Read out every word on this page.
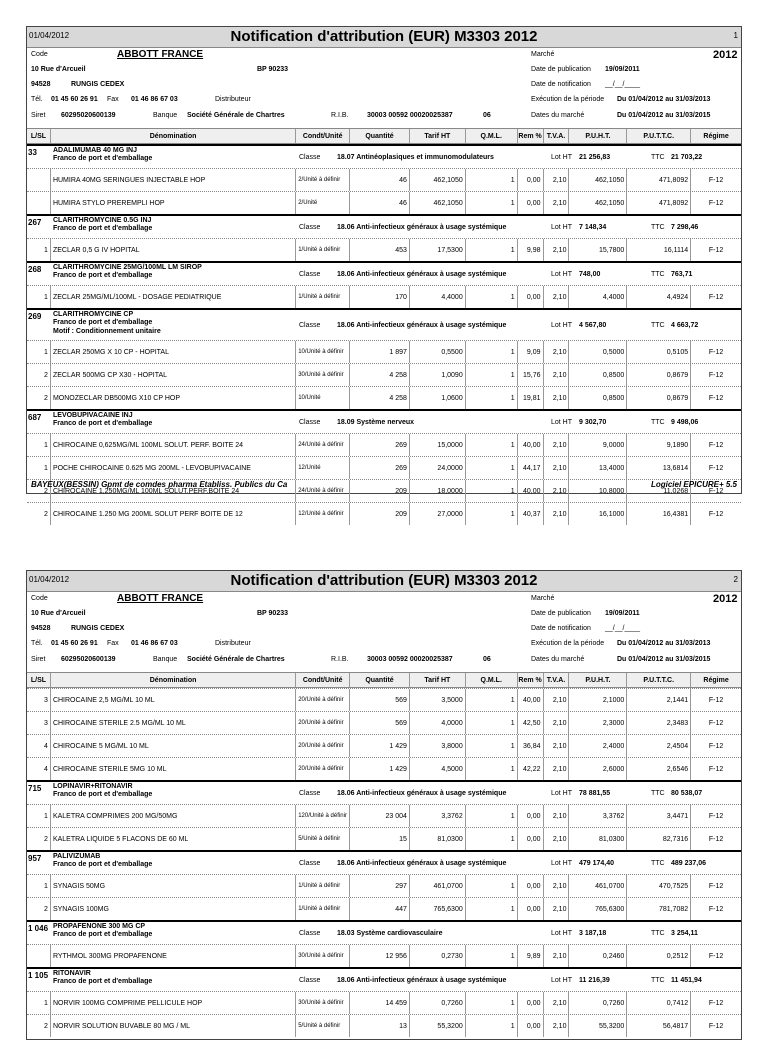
01/04/2012	Notification d'attribution (EUR) M3303 2012	1
Code	ABBOTT FRANCE
10 Rue d'Arcueil	BP 90233
94528	RUNGIS CEDEX
Tél. 01 45 60 26 91 Fax 01 46 86 67 03	Distributeur
Siret 60295020600139	Banque Société Générale de Chartres	R.I.B.	30003 00592 00020025387	06
Marché	2012
Date de publication 19/09/2011
Date de notification __/__/____
Exécution de la période Du 01/04/2012 au 31/03/2013
Dates du marché	Du 01/04/2012 au 31/03/2015
L/SL	Dénomination	Condt/Unité	Quantité	Tarif HT	Q.M.L.	Rem % T.V.A.	P.U.H.T.	P.U.T.T.C.	Régime
33 ADALIMUMAB 40 MG INJ
Franco de port et d'emballage	Classe 18.07 Antinéoplasiques et immunomodulateurs	Lot HT 21 256,83	TTC 21 703,22
HUMIRA 40MG SERINGUES INJECTABLE HOP	2/Unité à définir	46	462,1050	1	0,00	2,10	462,1050	471,8092	F-12
HUMIRA STYLO PREREMPLI HOP	2/Unité	46	462,1050	1	0,00	2,10	462,1050	471,8092	F-12
267 CLARITHROMYCINE 0.5G INJ
Franco de port et d'emballage	Classe 18.06 Anti-infectieux généraux à usage systémique	Lot HT 7 148,34	TTC 7 298,46
1 ZECLAR 0,5 G IV HOPITAL	1/Unité à définir	453	17,5300	1	9,98	2,10	15,7800	16,1114	F-12
268 CLARITHROMYCINE 25MG/100ML LM SIROP
Franco de port et d'emballage	Classe 18.06 Anti-infectieux généraux à usage systémique	Lot HT 748,00	TTC 763,71
1 ZECLAR 25MG/ML/100ML - DOSAGE PEDIATRIQUE	1/Unité à définir	170	4,4000	1	0,00	2,10	4,4000	4,4924	F-12
269 CLARITHROMYCINE CP
Franco de port et d'emballage
Motif : Conditionnement unitaire
Classe 18.06 Anti-infectieux généraux à usage systémique	Lot HT 4 567,80	TTC 4 663,72
1 ZECLAR 250MG X 10 CP - HOPITAL	10/Unité à définir	1 897	0,5500	1	9,09	2,10	0,5000	0,5105	F-12
2 ZECLAR 500MG CP X30 - HOPITAL	30/Unité à définir	4 258	1,0090	1	15,76	2,10	0,8500	0,8679	F-12
2 MONOZECLAR DB500MG X10 CP HOP	10/Unité	4 258	1,0600	1	19,81	2,10	0,8500	0,8679	F-12
687 LEVOBUPIVACAINE INJ
Franco de port et d'emballage	Classe 18.09 Système nerveux	Lot HT 9 302,70	TTC 9 498,06
1 CHIROCAINE 0,625MG/ML 100ML SOLUT. PERF. BOITE 24	24/Unité à définir	269	15,0000	1	40,00	2,10	9,0000	9,1890	F-12
1 POCHE CHIROCAINE 0.625 MG 200ML - LEVOBUPIVACAINE	12/Unité	269	24,0000	1	44,17	2,10	13,4000	13,6814	F-12
2 CHIROCAINE 1,250MG/ML 100ML SOLUT.PERF.BOITE 24	24/Unité à définir	209	18,0000	1	40,00	2,10	10,8000	11,0268	F-12
2 CHIROCAINE 1.250 MG 200ML SOLUT PERF BOITE DE 12	12/Unité à définir	209	27,0000	1	40,37	2,10	16,1000	16,4381	F-12
BAYEUX(BESSIN) Gpmt de comdes pharma Etabliss. Publics du Ca	Logiciel EPICURE+ 5.5
01/04/2012	Notification d'attribution (EUR) M3303 2012	2
Code	ABBOTT FRANCE
10 Rue d'Arcueil	BP 90233
94528	RUNGIS CEDEX
Tél. 01 45 60 26 91 Fax 01 46 86 67 03	Distributeur
Siret 60295020600139	Banque Société Générale de Chartres	R.I.B.	30003 00592 00020025387	06
Marché	2012
Date de publication 19/09/2011
Date de notification __/__/____
Exécution de la période Du 01/04/2012 au 31/03/2013
Dates du marché	Du 01/04/2012 au 31/03/2015
L/SL	Dénomination	Condt/Unité	Quantité	Tarif HT	Q.M.L.	Rem % T.V.A.	P.U.H.T.	P.U.T.T.C.	Régime
3 CHIROCAINE 2,5 MG/ML 10 ML	20/Unité à définir	569	3,5000	1	40,00	2,10	2,1000	2,1441	F-12
3 CHIROCAINE STERILE 2.5 MG/ML 10 ML	20/Unité à définir	569	4,0000	1	42,50	2,10	2,3000	2,3483	F-12
4 CHIROCAINE 5 MG/ML 10 ML	20/Unité à définir	1 429	3,8000	1	36,84	2,10	2,4000	2,4504	F-12
4 CHIROCAINE STERILE 5MG 10 ML	20/Unité à définir	1 429	4,5000	1	42,22	2,10	2,6000	2,6546	F-12
715 LOPINAVIR+RITONAVIR
Franco de port et d'emballage	Classe 18.06 Anti-infectieux généraux à usage systémique	Lot HT 78 881,55	TTC 80 538,07
1 KALETRA COMPRIMES 200 MG/50MG	120/Unité à définir	23 004	3,3762	1	0,00	2,10	3,3762	3,4471	F-12
2 KALETRA LIQUIDE 5 FLACONS DE 60 ML	5/Unité à définir	15	81,0300	1	0,00	2,10	81,0300	82,7316	F-12
957 PALIVIZUMAB
Franco de port et d'emballage	Classe 18.06 Anti-infectieux généraux à usage systémique	Lot HT 479 174,40	TTC 489 237,06
1 SYNAGIS 50MG	1/Unité à définir	297	461,0700	1	0,00	2,10	461,0700	470,7525	F-12
2 SYNAGIS 100MG	1/Unité à définir	447	765,6300	1	0,00	2,10	765,6300	781,7082	F-12
1 046 PROPAFENONE 300 MG CP
Franco de port et d'emballage	Classe 18.03 Système cardiovasculaire	Lot HT 3 187,18	TTC 3 254,11
RYTHMOL 300MG PROPAFENONE	30/Unité à définir	12 956	0,2730	1	9,89	2,10	0,2460	0,2512	F-12
1 105 RITONAVIR
Franco de port et d'emballage	Classe 18.06 Anti-infectieux généraux à usage systémique	Lot HT 11 216,39	TTC 11 451,94
1 NORVIR 100MG COMPRIME PELLICULE HOP	30/Unité à définir	14 459	0,7260	1	0,00	2,10	0,7260	0,7412	F-12
2 NORVIR SOLUTION BUVABLE 80 MG / ML	5/Unité à définir	13	55,3200	1	0,00	2,10	55,3200	56,4817	F-12
